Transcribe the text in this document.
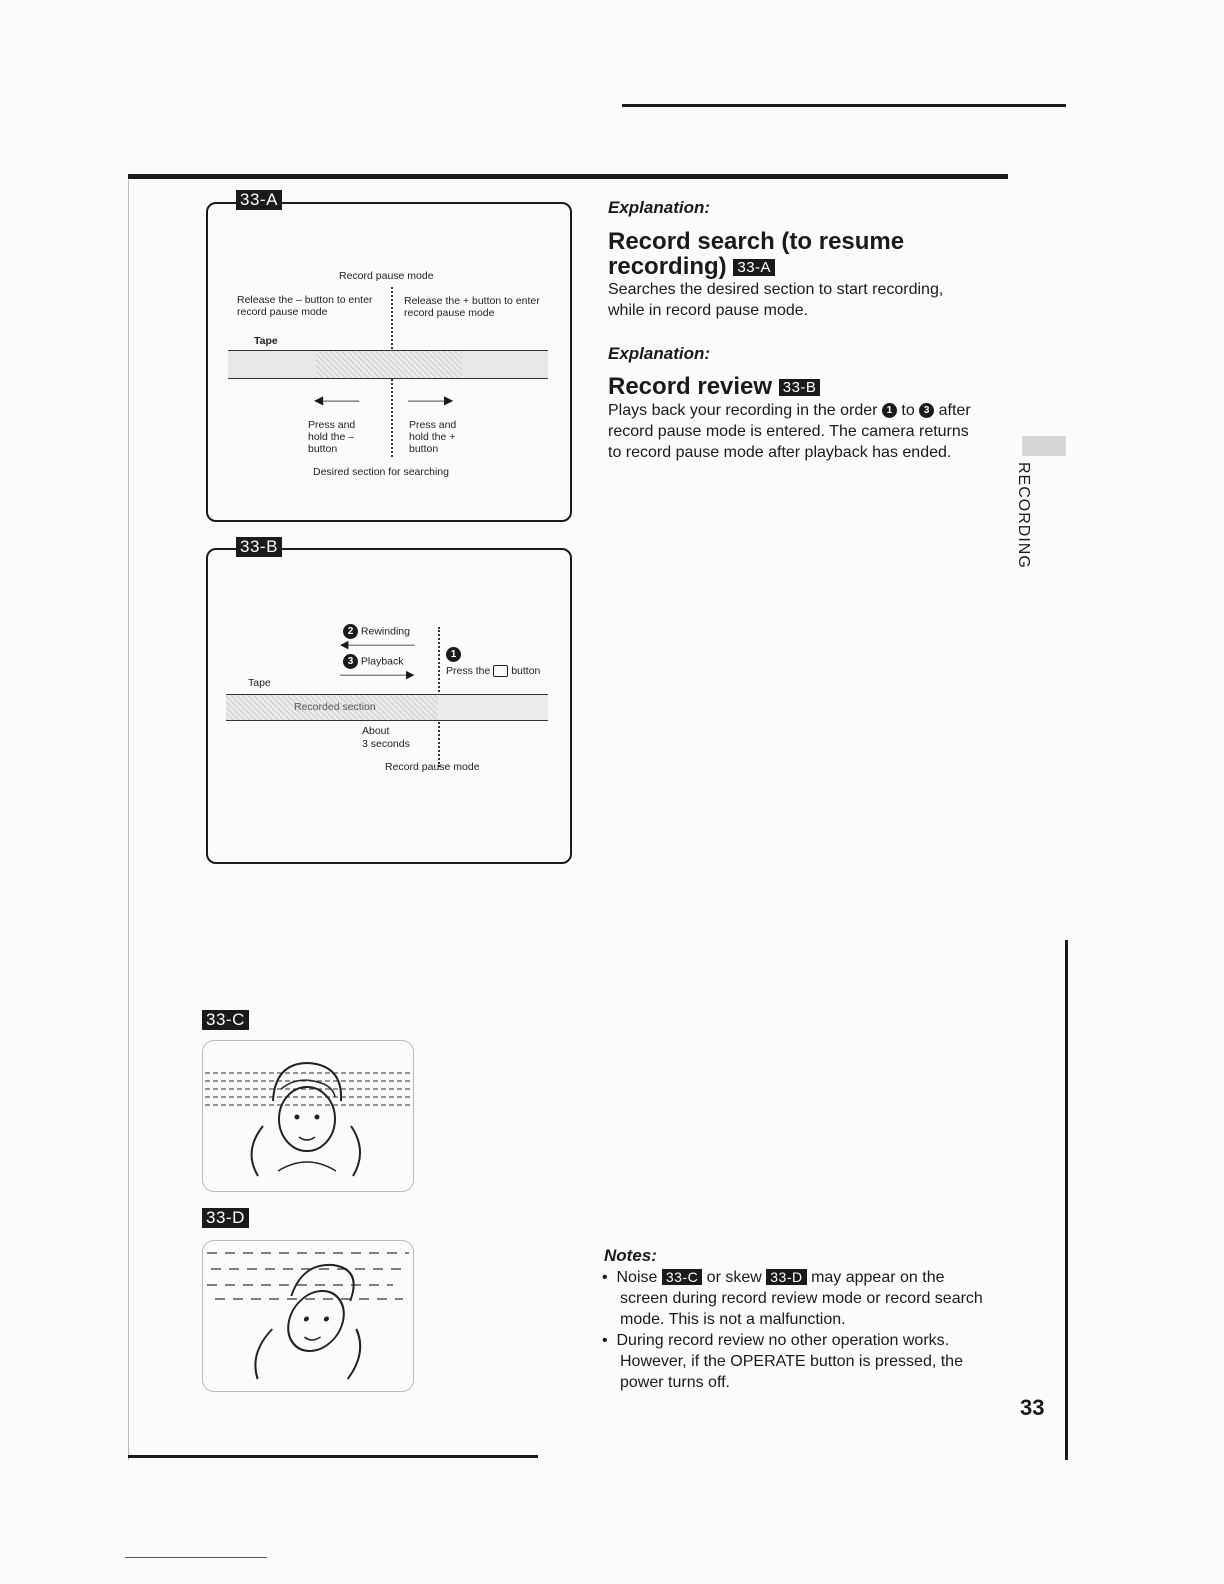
33-A
Record pause mode
Release the – button to enter record pause mode
Release the + button to enter record pause mode
Tape
◀———	———▶
Press and hold the – button
Press and hold the + button
Desired section for searching
33-B
2 Rewinding
◀——————
3 Playback
——————▶
1
Press the button
Tape
Recorded section
About
3 seconds
Record pause mode
33-C
33-D
Explanation:
Record search (to resume
recording) 33-A
Searches the desired section to start recording, while in record pause mode.
Explanation:
Record review 33-B
Plays back your recording in the order 1 to 3 after record pause mode is entered. The camera returns to record pause mode after playback has ended.
RECORDING
Notes:
•  Noise 33-C or skew 33-D may appear on the screen during record review mode or record search mode. This is not a malfunction.
•  During record review no other operation works. However, if the OPERATE button is pressed, the power turns off.
33
